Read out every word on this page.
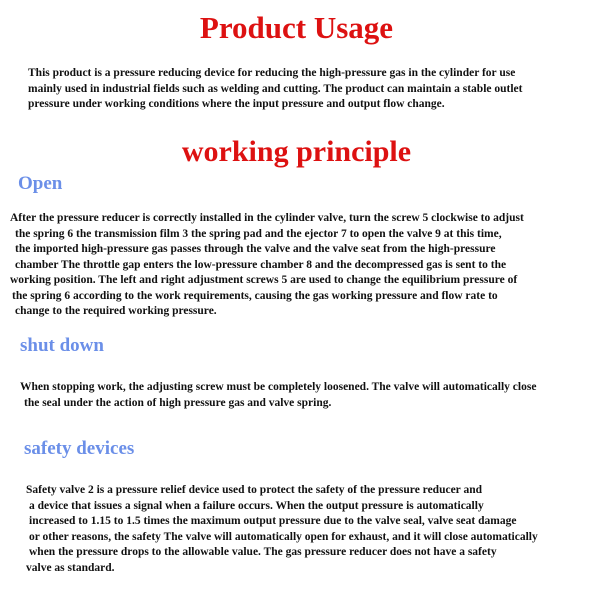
Product Usage
This product is a pressure reducing device for reducing the high-pressure gas in the cylinder for use
mainly used in industrial fields such as welding and cutting. The product can maintain a stable outlet
pressure under working conditions where the input pressure and output flow change.
working principle
Open
After the pressure reducer is correctly installed in the cylinder valve, turn the screw 5 clockwise to adjust
the spring 6 the transmission film 3 the spring pad and the ejector 7 to open the valve 9 at this time,
the imported high-pressure gas passes through the valve and the valve seat from the high-pressure
chamber The throttle gap enters the low-pressure chamber 8 and the decompressed gas is sent to the
working position. The left and right adjustment screws 5 are used to change the equilibrium pressure of
the spring 6 according to the work requirements, causing the gas working pressure and flow rate to
change to the required working pressure.
shut down
When stopping work, the adjusting screw must be completely loosened. The valve will automatically close
the seal under the action of high pressure gas and valve spring.
safety devices
Safety valve 2 is a pressure relief device used to protect the safety of the pressure reducer and
a device that issues a signal when a failure occurs. When the output pressure is automatically
increased to 1.15 to 1.5 times the maximum output pressure due to the valve seal, valve seat damage
or other reasons, the safety The valve will automatically open for exhaust, and it will close automatically
when the pressure drops to the allowable value. The gas pressure reducer does not have a safety
valve as standard.
